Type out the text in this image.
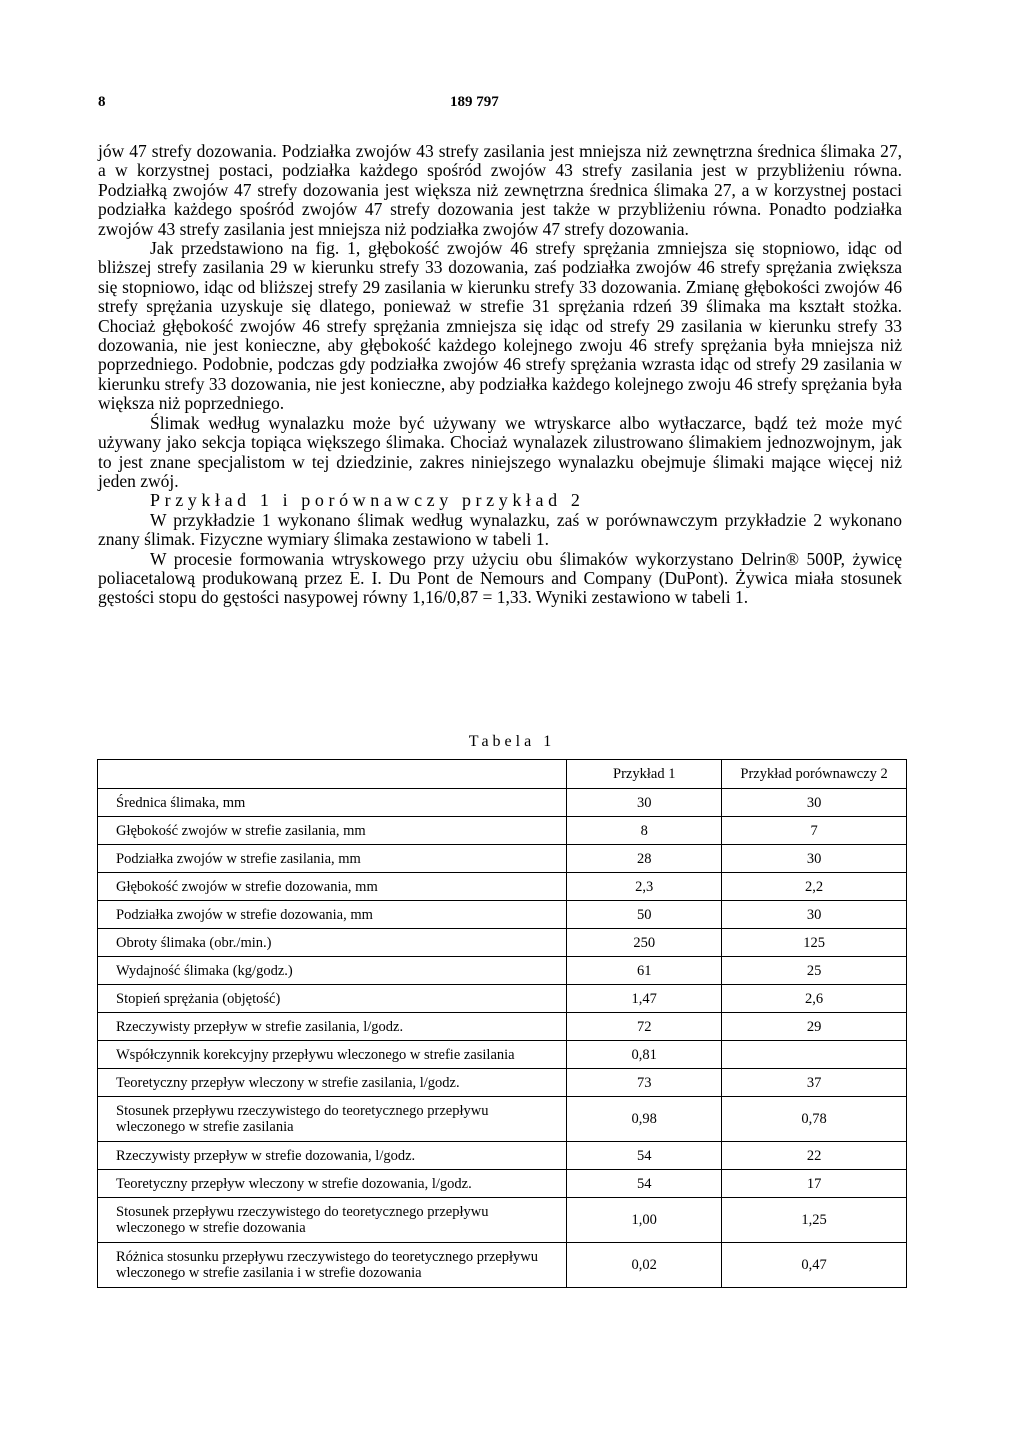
8	189 797

jów 47 strefy dozowania. Podziałka zwojów 43 strefy zasilania jest mniejsza niż zewnętrzna średnica ślimaka 27, a w korzystnej postaci, podziałka każdego spośród zwojów 43 strefy zasilania jest w przybliżeniu równa. Podziałką zwojów 47 strefy dozowania jest większa niż zewnętrzna średnica ślimaka 27, a w korzystnej postaci podziałka każdego spośród zwojów 47 strefy dozowania jest także w przybliżeniu równa. Ponadto podziałka zwojów 43 strefy zasilania jest mniejsza niż podziałka zwojów 47 strefy dozowania.

Jak przedstawiono na fig. 1, głębokość zwojów 46 strefy sprężania zmniejsza się stopniowo, idąc od bliższej strefy zasilania 29 w kierunku strefy 33 dozowania, zaś podziałka zwojów 46 strefy sprężania zwiększa się stopniowo, idąc od bliższej strefy 29 zasilania w kierunku strefy 33 dozowania. Zmianę głębokości zwojów 46 strefy sprężania uzyskuje się dlatego, ponieważ w strefie 31 sprężania rdzeń 39 ślimaka ma kształt stożka. Chociaż głębokość zwojów 46 strefy sprężania zmniejsza się idąc od strefy 29 zasilania w kierunku strefy 33 dozowania, nie jest konieczne, aby głębokość każdego kolejnego zwoju 46 strefy sprężania była mniejsza niż poprzedniego. Podobnie, podczas gdy podziałka zwojów 46 strefy sprężania wzrasta idąc od strefy 29 zasilania w kierunku strefy 33 dozowania, nie jest konieczne, aby podziałka każdego kolejnego zwoju 46 strefy sprężania była większa niż poprzedniego.

Ślimak według wynalazku może być używany we wtryskarce albo wytłaczarce, bądź też może myć używany jako sekcja topiąca większego ślimaka. Chociaż wynalazek zilustrowano ślimakiem jednozwojnym, jak to jest znane specjalistom w tej dziedzinie, zakres niniejszego wynalazku obejmuje ślimaki mające więcej niż jeden zwój.

Przykład 1 i porównawczy przykład 2

W przykładzie 1 wykonano ślimak według wynalazku, zaś w porównawczym przykładzie 2 wykonano znany ślimak. Fizyczne wymiary ślimaka zestawiono w tabeli 1.

W procesie formowania wtryskowego przy użyciu obu ślimaków wykorzystano Delrin® 500P, żywicę poliacetalową produkowaną przez E. I. Du Pont de Nemours and Company (DuPont). Żywica miała stosunek gęstości stopu do gęstości nasypowej równy 1,16/0,87 = 1,33. Wyniki zestawiono w tabeli 1.

Tabela 1
	Przykład 1	Przykład porównawczy 2
Średnica ślimaka, mm	30	30
Głębokość zwojów w strefie zasilania, mm	8	7
Podziałka zwojów w strefie zasilania, mm	28	30
Głębokość zwojów w strefie dozowania, mm	2,3	2,2
Podziałka zwojów w strefie dozowania, mm	50	30
Obroty ślimaka (obr./min.)	250	125
Wydajność ślimaka (kg/godz.)	61	25
Stopień sprężania (objętość)	1,47	2,6
Rzeczywisty przepływ w strefie zasilania, l/godz.	72	29
Współczynnik korekcyjny przepływu wleczonego w strefie zasilania	0,81	
Teoretyczny przepływ wleczony w strefie zasilania, l/godz.	73	37
Stosunek przepływu rzeczywistego do teoretycznego przepływu wleczonego w strefie zasilania	0,98	0,78
Rzeczywisty przepływ w strefie dozowania, l/godz.	54	22
Teoretyczny przepływ wleczony w strefie dozowania, l/godz.	54	17
Stosunek przepływu rzeczywistego do teoretycznego przepływu wleczonego w strefie dozowania	1,00	1,25
Różnica stosunku przepływu rzeczywistego do teoretycznego przepływu wleczonego w strefie zasilania i w strefie dozowania	0,02	0,47
